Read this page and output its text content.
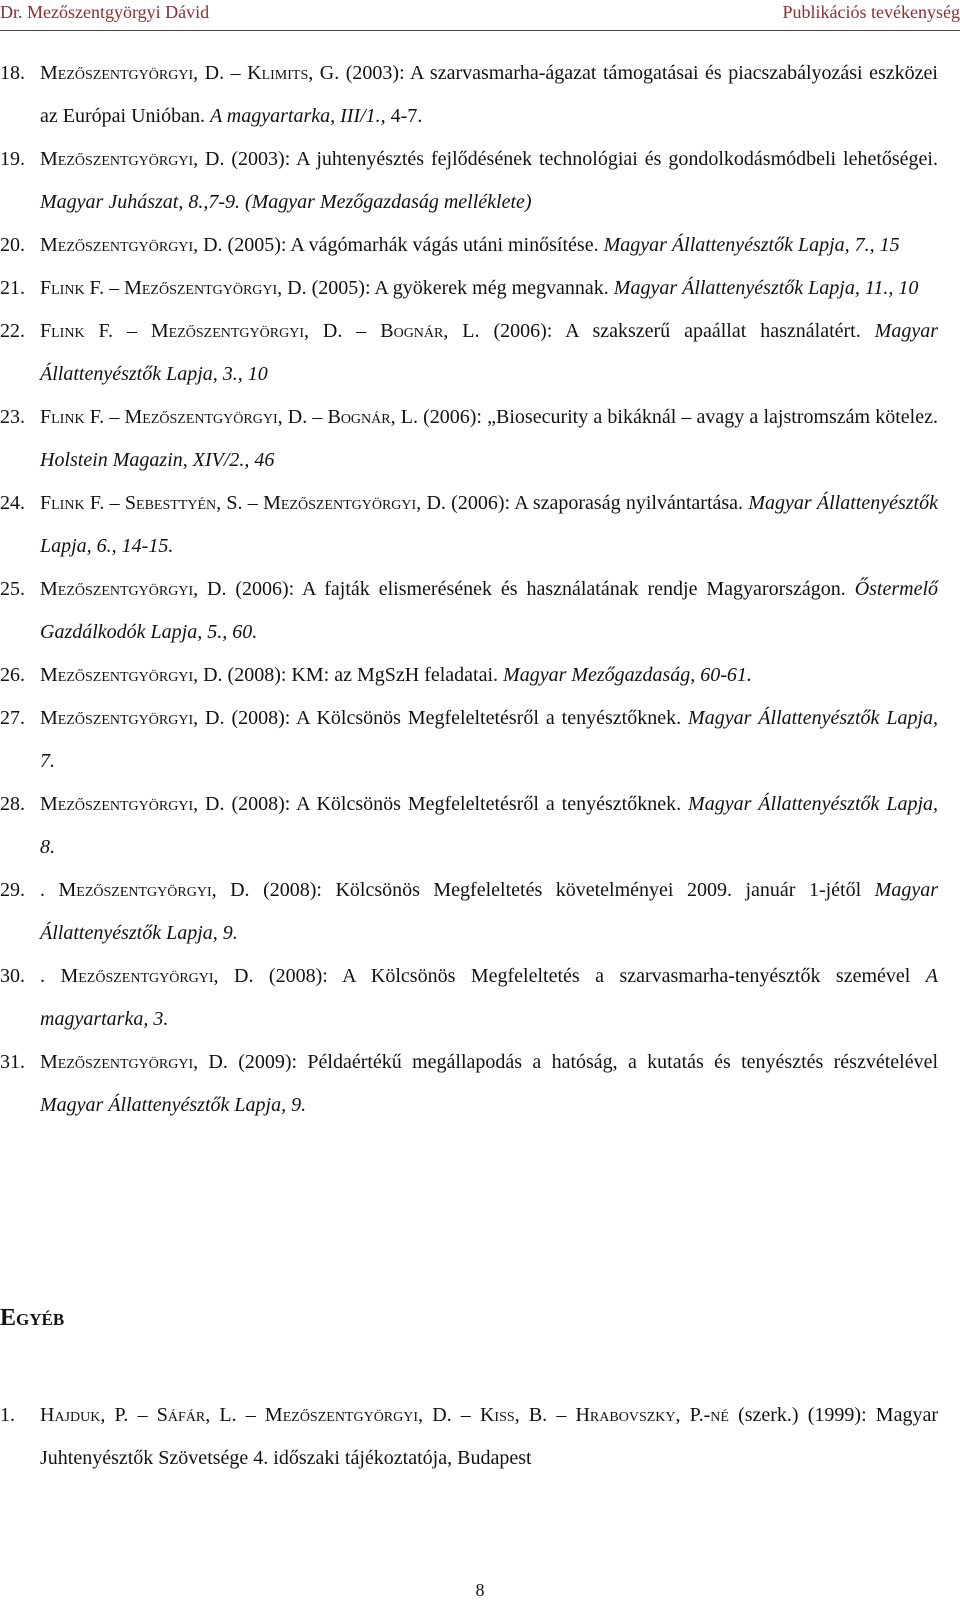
Dr. Mezőszentgyörgyi Dávid	Publikációs tevékenység
18. Mezőszentgyörgyi, D. – Klimits, G. (2003): A szarvasmarha-ágazat támogatásai és piacszabályozási eszközei az Európai Unióban. A magyartarka, III/1., 4-7.
19. Mezőszentgyörgyi, D. (2003): A juhtenyésztés fejlődésének technológiai és gondolkodásmódbeli lehetőségei. Magyar Juhászat, 8.,7-9. (Magyar Mezőgazdaság melléklete)
20. Mezőszentgyörgyi, D. (2005): A vágómarhák vágás utáni minősítése. Magyar Állattenyésztők Lapja, 7., 15
21. Flink F. – Mezőszentgyörgyi, D. (2005): A gyökerek még megvannak. Magyar Állattenyésztők Lapja, 11., 10
22. Flink F. – Mezőszentgyörgyi, D. – Bognár, L. (2006): A szakszerű apaállat használatért. Magyar Állattenyésztők Lapja, 3., 10
23. Flink F. – Mezőszentgyörgyi, D. – Bognár, L. (2006): „Biosecurity a bikáknál – avagy a lajstromszám kötelez. Holstein Magazin, XIV/2., 46
24. Flink F. – Sebesttyén, S. – Mezőszentgyörgyi, D. (2006): A szaporaság nyilvántartása. Magyar Állattenyésztők Lapja, 6., 14-15.
25. Mezőszentgyörgyi, D. (2006): A fajták elismerésének és használatának rendje Magyarországon. Őstermelő Gazdálkodók Lapja, 5., 60.
26. Mezőszentgyörgyi, D. (2008): KM: az MgSzH feladatai. Magyar Mezőgazdaság, 60-61.
27. Mezőszentgyörgyi, D. (2008): A Kölcsönös Megfeleltetésről a tenyésztőknek. Magyar Állattenyésztők Lapja, 7.
28. Mezőszentgyörgyi, D. (2008): A Kölcsönös Megfeleltetésről a tenyésztőknek. Magyar Állattenyésztők Lapja, 8.
29. . Mezőszentgyörgyi, D. (2008): Kölcsönös Megfeleltetés követelményei 2009. január 1-jétől Magyar Állattenyésztők Lapja, 9.
30. . Mezőszentgyörgyi, D. (2008): A Kölcsönös Megfeleltetés a szarvasmarha-tenyésztők szemével A magyartarka, 3.
31. Mezőszentgyörgyi, D. (2009): Példaértékű megállapodás a hatóság, a kutatás és tenyésztés részvételével Magyar Állattenyésztők Lapja, 9.
Egyéb
1. Hajduk, P. – Sáfár, L. – Mezőszentgyörgyi, D. – Kiss, B. – Hrabovszky, P.-né (szerk.) (1999): Magyar Juhtenyésztők Szövetsége 4. időszaki tájékoztatója, Budapest
8
